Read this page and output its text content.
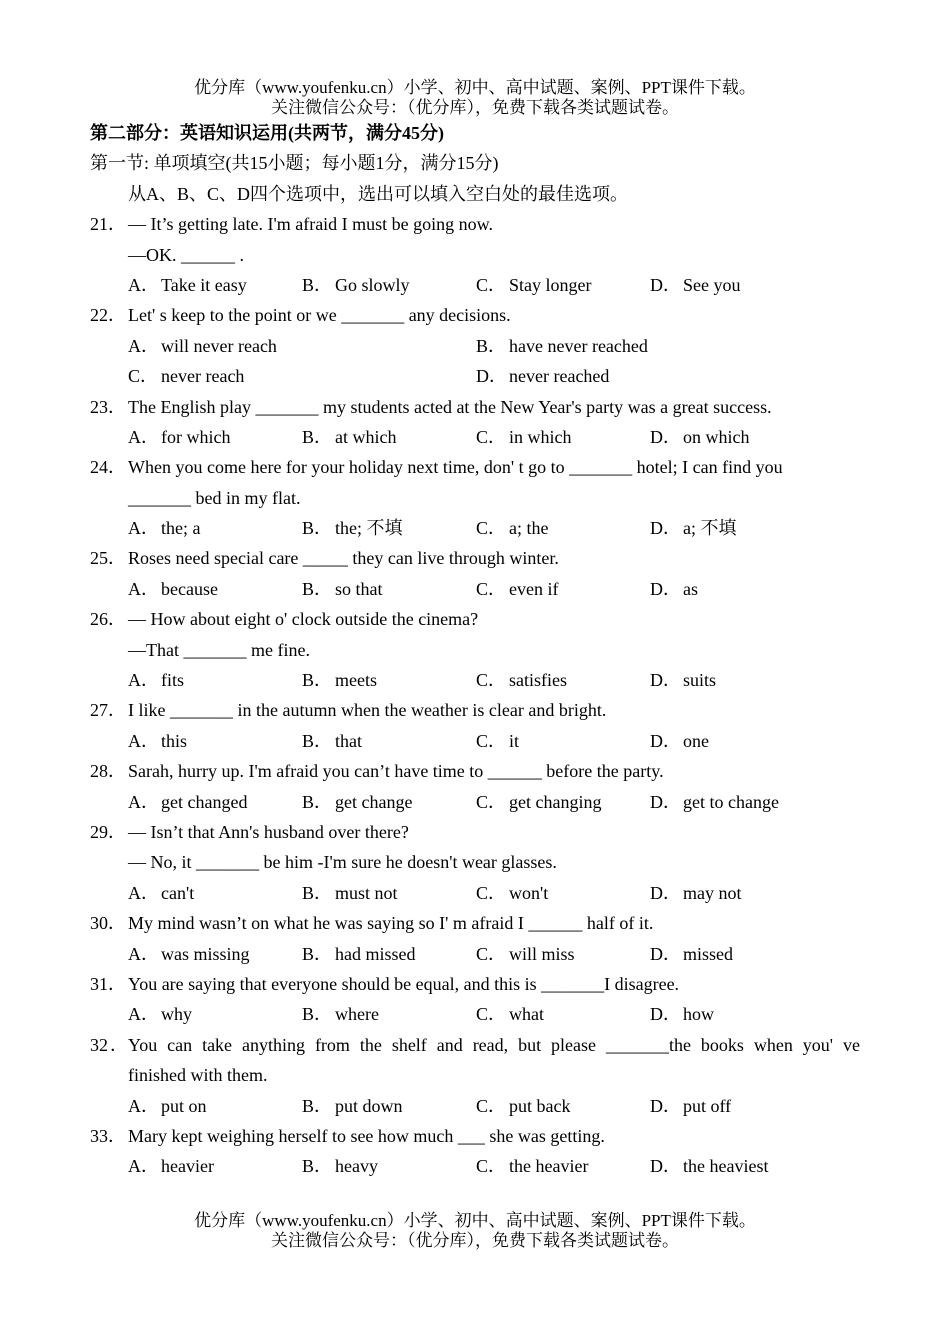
优分库（www.youfenku.cn）小学、初中、高中试题、案例、PPT课件下载。
关注微信公众号：（优分库），免费下载各类试题试卷。
第二部分：英语知识运用(共两节，满分45分)
第一节: 单项填空(共15小题；每小题1分，满分15分)
从A、B、C、D四个选项中，选出可以填入空白处的最佳选项。
21． — It’s getting late. I'm afraid I must be going now.
—OK. ______ .
A． Take it easy	B． Go slowly	C． Stay longer	D． See you
22． Let' s keep to the point or we _______ any decisions.
A． will never reach	B． have never reached
C． never reach	D． never reached
23． The English play _______ my students acted at the New Year's party was a great success.
A． for which	B． at which	C． in which	D． on which
24． When you come here for your holiday next time, don' t go to _______ hotel; I can find you
_______ bed in my flat.
A． the; a	B． the; 不填	C． a; the	D． a; 不填
25． Roses need special care _____ they can live through winter.
A． because	B． so that	C． even if	D． as
26． — How about eight o' clock outside the cinema?
—That _______ me fine.
A． fits	B． meets	C． satisfies	D． suits
27． I like _______ in the autumn when the weather is clear and bright.
A． this	B． that	C． it	D． one
28． Sarah, hurry up. I'm afraid you can’t have time to ______ before the party.
A． get changed	B． get change	C． get changing	D． get to change
29． — Isn’t that Ann's husband over there?
— No, it _______ be him -I'm sure he doesn't wear glasses.
A． can't	B． must not	C． won't	D． may not
30． My mind wasn’t on what he was saying so I' m afraid I ______ half of it.
A． was missing	B． had missed	C． will miss	D． missed
31． You are saying that everyone should be equal, and this is _______I disagree.
A． why	B． where	C． what	D． how
32．You can take anything from the shelf and read, but please _______the books when you' ve
finished with them.
A． put on	B． put down	C． put back	D． put off
33． Mary kept weighing herself to see how much ___ she was getting.
A． heavier	B． heavy	C． the heavier	D． the heaviest
优分库（www.youfenku.cn）小学、初中、高中试题、案例、PPT课件下载。
关注微信公众号：（优分库），免费下载各类试题试卷。
